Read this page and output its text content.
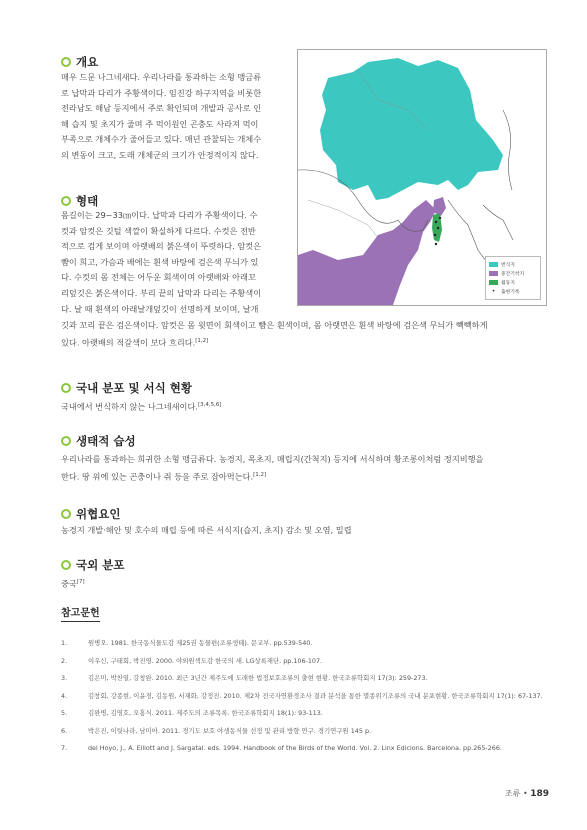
개요
매우 드문 나그네새다. 우리나라를 통과하는 소형 맹금류
로 납막과 다리가 주황색이다. 임진강 하구지역을 비롯한
전라남도 해남 등지에서 주로 확인되며 개발과 공사로 인
해 습지 및 초지가 줄며 주 먹이원인 곤충도 사라져 먹이
부족으로 개체수가 줄어들고 있다. 매년 관찰되는 개체수
의 변동이 크고, 도래 개체군의 크기가 안정적이지 않다.
형태
몸길이는 29~33㎝이다. 납막과 다리가 주황색이다. 수
컷과 암컷은 깃털 색깔이 확실하게 다르다. 수컷은 전반
적으로 검게 보이며 아랫배의 붉은색이 뚜렷하다. 암컷은
뺨이 희고, 가슴과 배에는 흰색 바탕에 검은색 무늬가 있
다. 수컷의 몸 전체는 어두운 회색이며 아랫배와 아래꼬
리덮깃은 붉은색이다. 부리 끝의 납막과 다리는 주황색이
다. 날 때 흰색의 아래날개덮깃이 선명하게 보이며, 날개
깃과 꼬리 끝은 검은색이다. 암컷은 몸 윗면이 회색이고 뺨은 흰색이며, 몸 아랫면은 흰색 바탕에 검은색 무늬가 빽빽하게
있다. 아랫배의 적갈색이 보다 흐리다.[1,2]
번식지
중간기착지
월동지
•	출현기록
국내 분포 및 서식 현황
국내에서 번식하지 않는 나그네새이다.[3,4,5,6]
생태적 습성
우리나라를 통과하는 희귀한 소형 맹금류다. 농경지, 목초지, 매립지(간척지) 등지에 서식하며 황조롱이처럼 정지비행을
한다. 땅 위에 있는 곤충이나 쥐 등을 주로 잡아먹는다.[1,2]
위협요인
농경지 개발·해안 및 호수의 매립 등에 따른 서식지(습지, 초지) 감소 및 오염, 밀렵
국외 분포
중국[7]
참고문헌
1.	원병오. 1981. 한국동식물도감 제25권 동물편(조류생태). 문교부. pp.539-540.
2.	이우신, 구태회, 박진영. 2000. 야외원색도감 한국의 새. LG상록재단. pp.106-107.
3.	김은미, 박찬열, 강창완. 2010. 최근 3년간 제주도에 도래한 법정보호조류의 출현 현황. 한국조류학회지 17(3): 259-273.
4.	김창회, 강종현, 이윤경, 김동원, 서재화, 강정진. 2010. 제2차 전국자연환경조사 결과 분석을 통한 멸종위기조류의 국내 분포현황. 한국조류학회지 17(1): 67-137.
5.	김완병, 김영호, 오홍식. 2011. 제주도의 조류목록. 한국조류학회지 18(1): 93-113.
6.	박은진, 이팃나라, 남미아. 2011. 경기도 보호 야생동식물 선정 및 관리 방향 연구. 경기연구원 145 p.
7.	del Hoyo, J., A. Elliott and J. Sargatal. eds. 1994. Handbook of the Birds of the World. Vol. 2. Linx Edicions. Barcelona. pp.265-266.
조류 • 189
